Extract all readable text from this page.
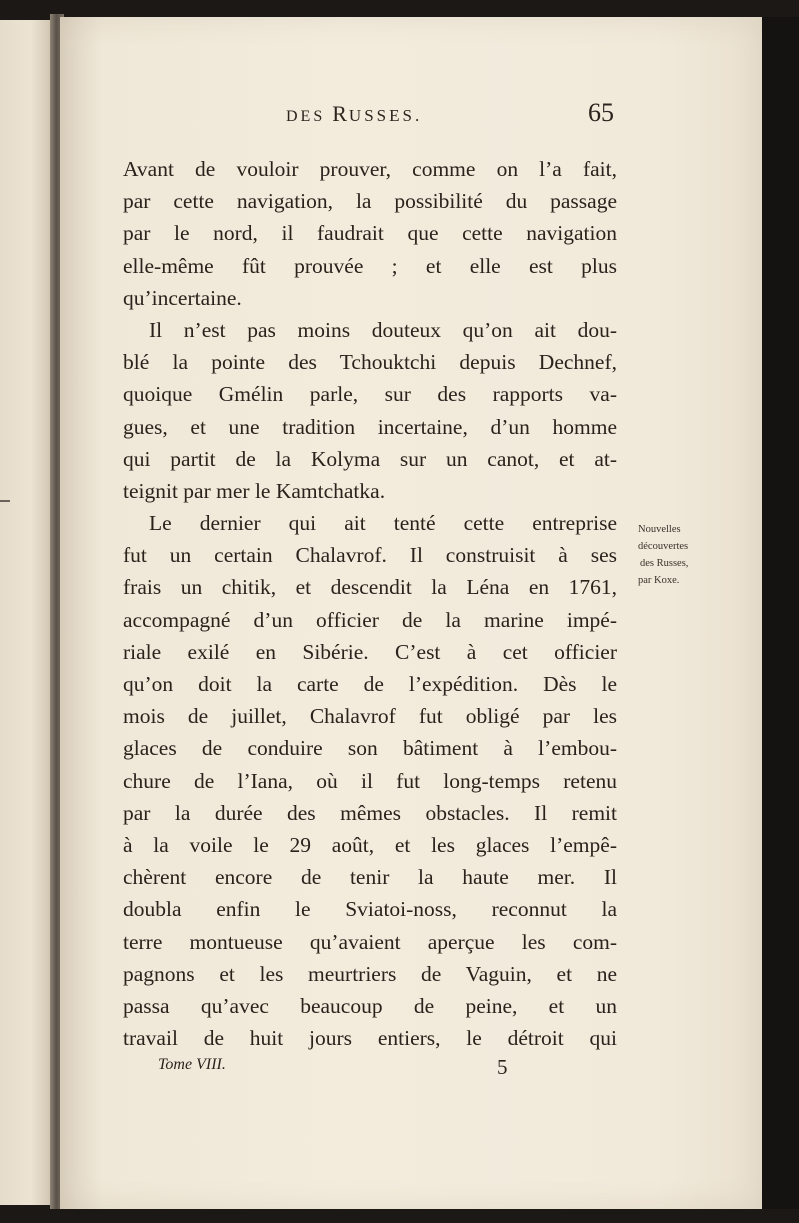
DES RUSSES.	65
Avant de vouloir prouver, comme on l’a fait,
par cette navigation, la possibilité du passage
par le nord, il faudrait que cette navigation
elle-même fût prouvée ; et elle est plus
qu’incertaine.
Il n’est pas moins douteux qu’on ait dou-
blé la pointe des Tchouktchi depuis Dechnef,
quoique Gmélin parle, sur des rapports va-
gues, et une tradition incertaine, d’un homme
qui partit de la Kolyma sur un canot, et at-
teignit par mer le Kamtchatka.
Le dernier qui ait tenté cette entreprise
fut un certain Chalavrof. Il construisit à ses
frais un chitik, et descendit la Léna en 1761,
accompagné d’un officier de la marine impé-
riale exilé en Sibérie. C’est à cet officier
qu’on doit la carte de l’expédition. Dès le
mois de juillet, Chalavrof fut obligé par les
glaces de conduire son bâtiment à l’embou-
chure de l’Iana, où il fut long-temps retenu
par la durée des mêmes obstacles. Il remit
à la voile le 29 août, et les glaces l’empê-
chèrent encore de tenir la haute mer. Il
doubla enfin le Sviatoi-noss, reconnut la
terre montueuse qu’avaient aperçue les com-
pagnons et les meurtriers de Vaguin, et ne
passa qu’avec beaucoup de peine, et un
travail de huit jours entiers, le détroit qui
Nouvelles
découvertes
des Russes,
par Koxe.
Tome VIII.	5
